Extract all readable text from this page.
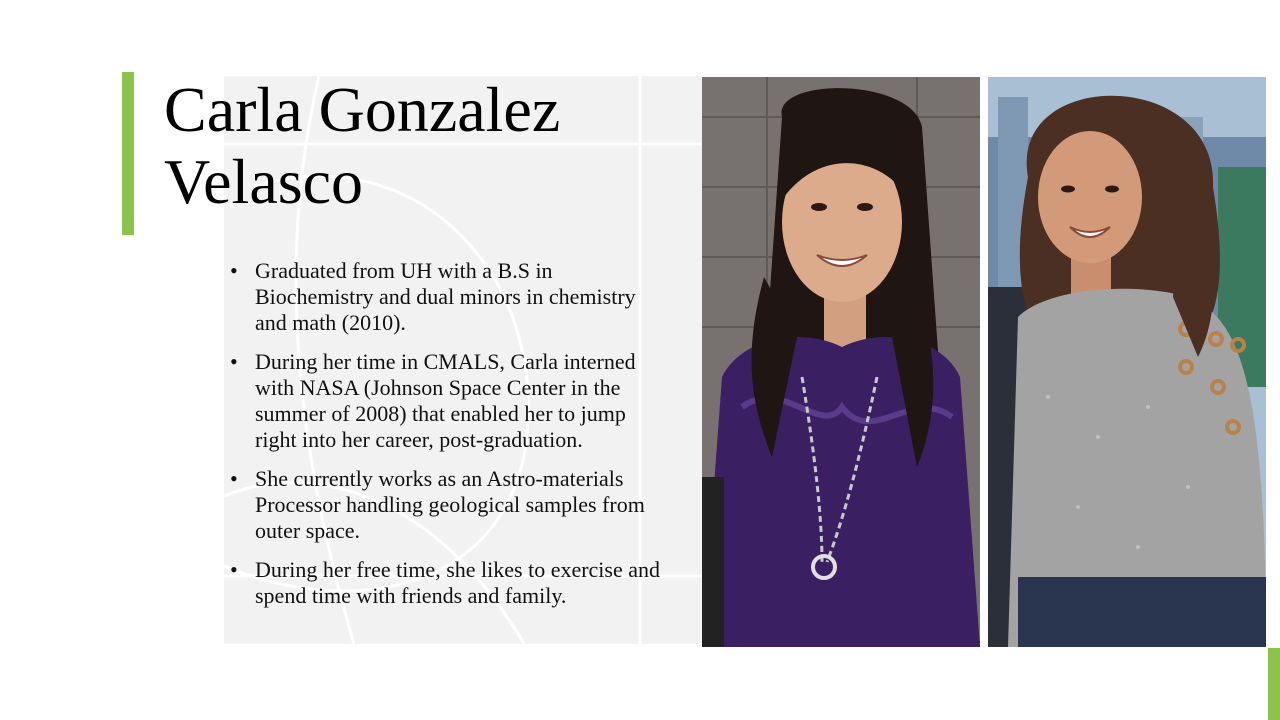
Carla Gonzalez
Velasco
• Graduated from UH with a B.S in Biochemistry and dual minors in chemistry and math (2010).
• During her time in CMALS, Carla interned with NASA (Johnson Space Center in the summer of 2008) that enabled her to jump right into her career, post-graduation.
• She currently works as an Astro-materials Processor handling geological samples from outer space.
• During her free time, she likes to exercise and spend time with friends and family.
